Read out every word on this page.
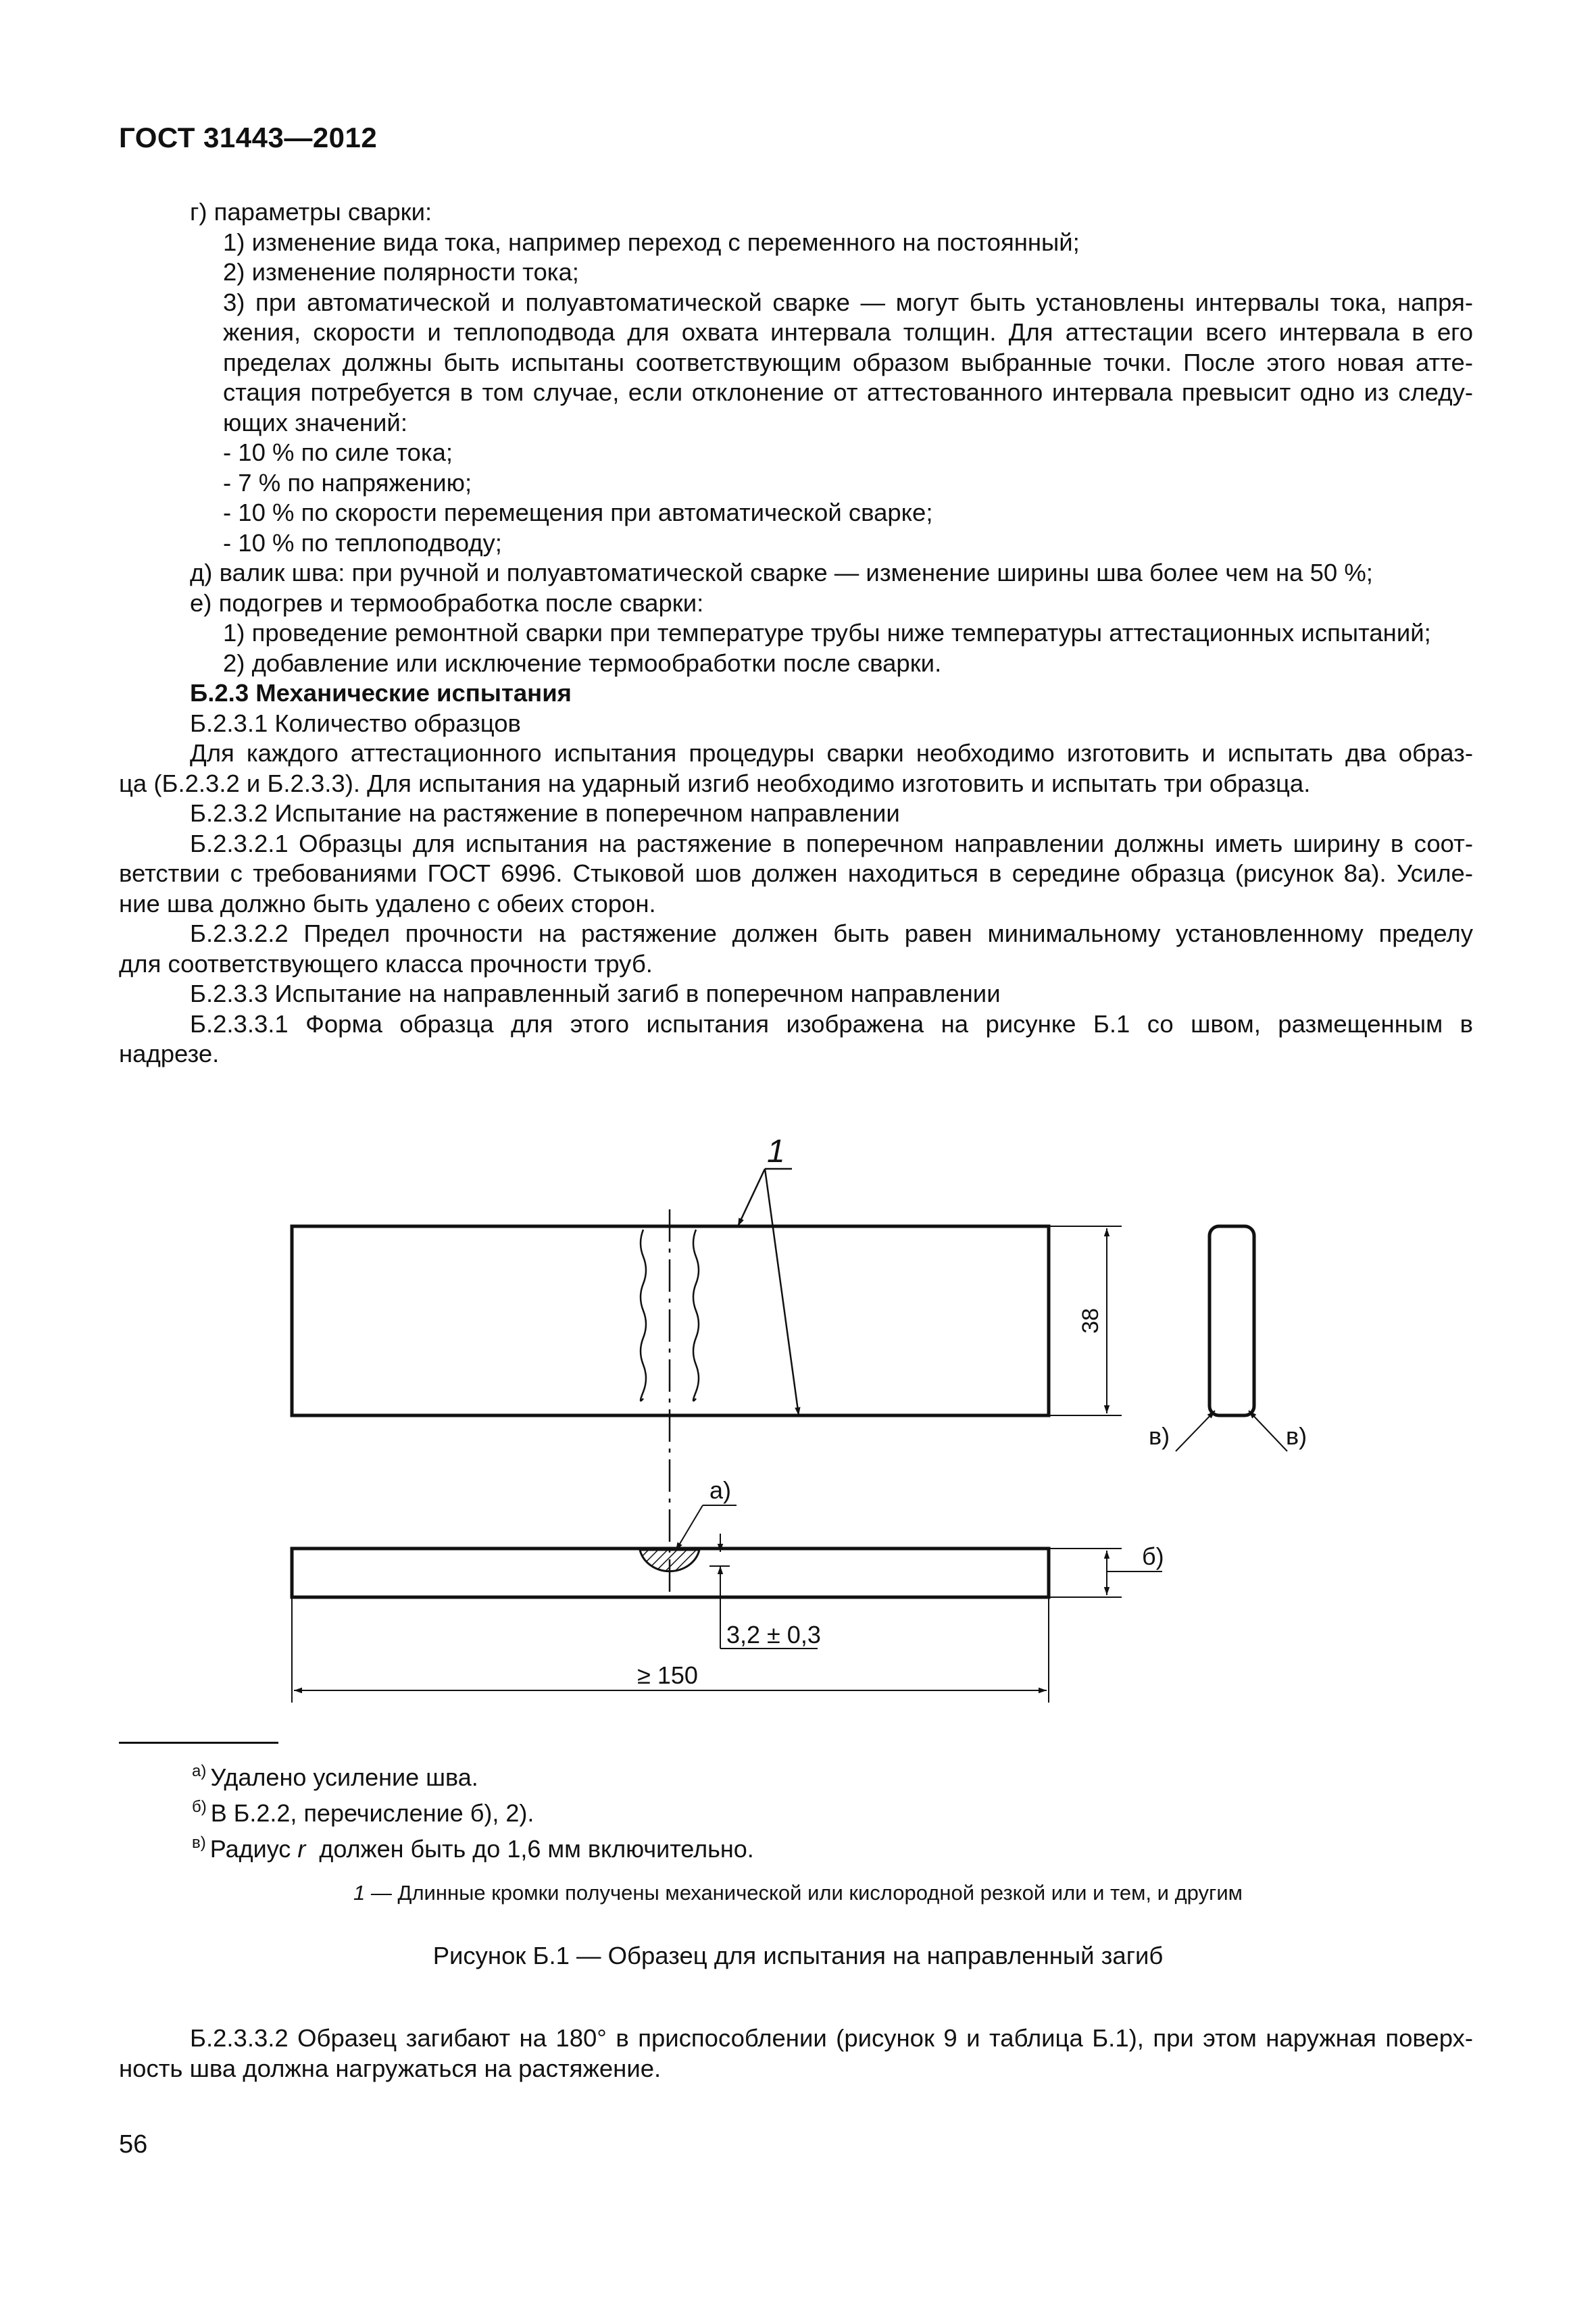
ГОСТ 31443—2012
г) параметры сварки:
1) изменение вида тока, например переход с переменного на постоянный;
2) изменение полярности тока;
3) при автоматической и полуавтоматической сварке — могут быть установлены интервалы тока, напря-
жения, скорости и теплоподвода для охвата интервала толщин. Для аттестации всего интервала в его
пределах должны быть испытаны соответствующим образом выбранные точки. После этого новая атте-
стация потребуется в том случае, если отклонение от аттестованного интервала превысит одно из следу-
ющих значений:
- 10 % по силе тока;
- 7 % по напряжению;
- 10 % по скорости перемещения при автоматической сварке;
- 10 % по теплоподводу;
д) валик шва: при ручной и полуавтоматической сварке — изменение ширины шва более чем на 50 %;
е) подогрев и термообработка после сварки:
1) проведение ремонтной сварки при температуре трубы ниже температуры аттестационных испытаний;
2) добавление или исключение термообработки после сварки.
Б.2.3 Механические испытания
Б.2.3.1 Количество образцов
Для каждого аттестационного испытания процедуры сварки необходимо изготовить и испытать два образ-
ца (Б.2.3.2 и Б.2.3.3). Для испытания на ударный изгиб необходимо изготовить и испытать три образца.
Б.2.3.2 Испытание на растяжение в поперечном направлении
Б.2.3.2.1 Образцы для испытания на растяжение в поперечном направлении должны иметь ширину в соот-
ветствии с требованиями ГОСТ 6996. Стыковой шов должен находиться в середине образца (рисунок 8а). Усиле-
ние шва должно быть удалено с обеих сторон.
Б.2.3.2.2 Предел прочности на растяжение должен быть равен минимальному установленному пределу
для соответствующего класса прочности труб.
Б.2.3.3 Испытание на направленный загиб в поперечном направлении
Б.2.3.3.1 Форма образца для этого испытания изображена на рисунке Б.1 со швом, размещенным в
надрезе.
1
38
в)	в)
а)
б)
3,2 ± 0,3
≥ 150
$^{а)}$ Удалено усиление шва.
$^{б)}$ В Б.2.2, перечисление б), 2).
$^{в)}$ Радиус r  должен быть до 1,6 мм включительно.
1 — Длинные кромки получены механической или кислородной резкой или и тем, и другим
Рисунок Б.1 — Образец для испытания на направленный загиб
Б.2.3.3.2 Образец загибают на 180° в приспособлении (рисунок 9 и таблица Б.1), при этом наружная поверх-
ность шва должна нагружаться на растяжение.
56
